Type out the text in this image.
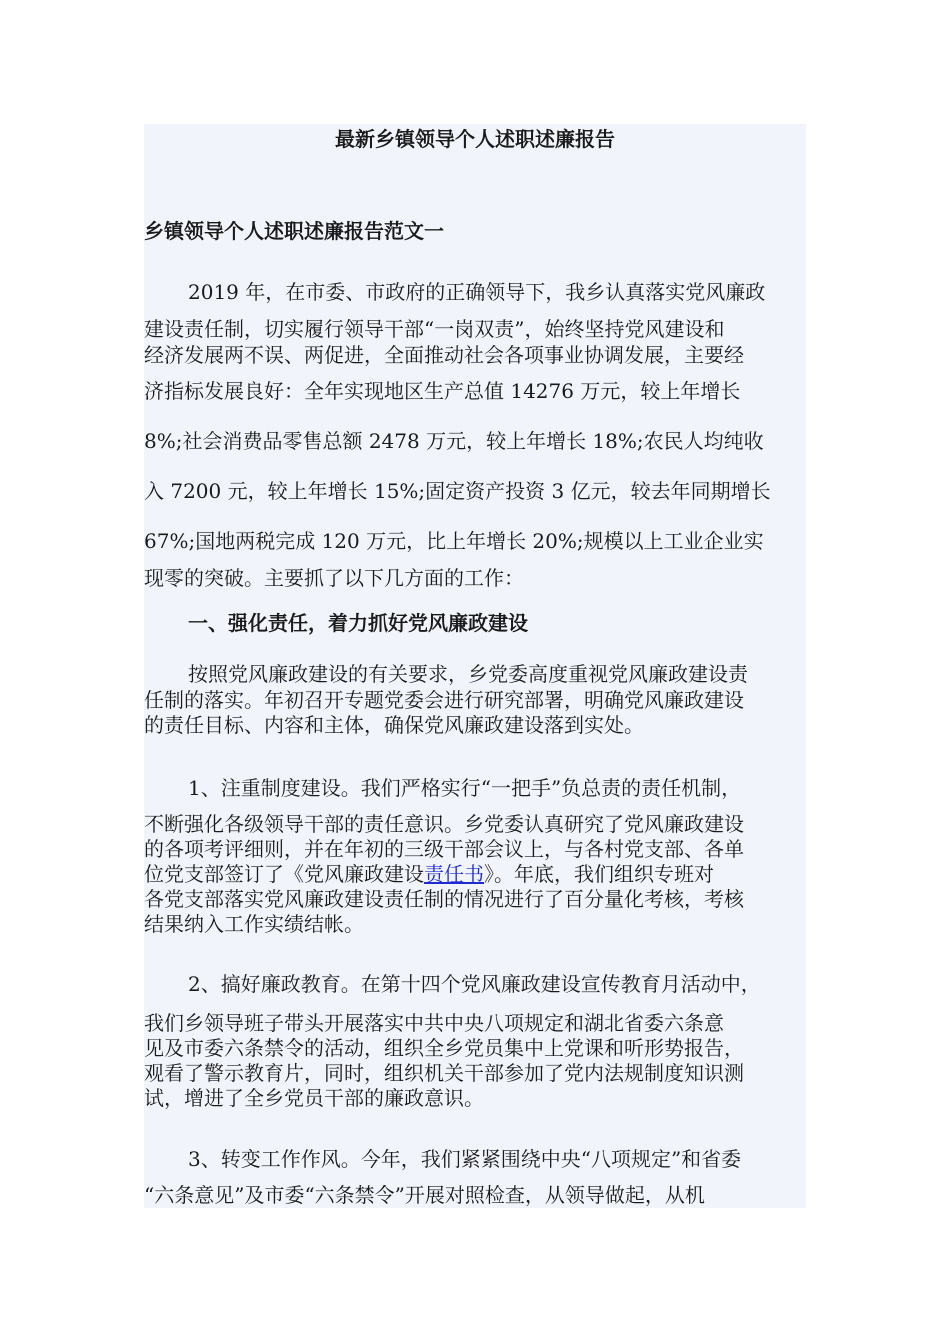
最新乡镇领导个人述职述廉报告
乡镇领导个人述职述廉报告范文一
2019 年，在市委、市政府的正确领导下，我乡认真落实党风廉政
建设责任制，切实履行领导干部“一岗双责”，始终坚持党风建设和
经济发展两不误、两促进，全面推动社会各项事业协调发展，主要经
济指标发展良好：全年实现地区生产总值 14276 万元，较上年增长
8%;社会消费品零售总额 2478 万元，较上年增长 18%;农民人均纯收
入 7200 元，较上年增长 15%;固定资产投资 3 亿元，较去年同期增长
67%;国地两税完成 120 万元，比上年增长 20%;规模以上工业企业实
现零的突破。主要抓了以下几方面的工作：
一、强化责任，着力抓好党风廉政建设
按照党风廉政建设的有关要求，乡党委高度重视党风廉政建设责
任制的落实。年初召开专题党委会进行研究部署，明确党风廉政建设
的责任目标、内容和主体，确保党风廉政建设落到实处。
1、注重制度建设。我们严格实行“一把手”负总责的责任机制，
不断强化各级领导干部的责任意识。乡党委认真研究了党风廉政建设
的各项考评细则，并在年初的三级干部会议上，与各村党支部、各单
位党支部签订了《党风廉政建设责任书》。年底，我们组织专班对
各党支部落实党风廉政建设责任制的情况进行了百分量化考核，考核
结果纳入工作实绩结帐。
2、搞好廉政教育。在第十四个党风廉政建设宣传教育月活动中，
我们乡领导班子带头开展落实中共中央八项规定和湖北省委六条意
见及市委六条禁令的活动，组织全乡党员集中上党课和听形势报告，
观看了警示教育片，同时，组织机关干部参加了党内法规制度知识测
试，增进了全乡党员干部的廉政意识。
3、转变工作作风。今年，我们紧紧围绕中央“八项规定”和省委
“六条意见”及市委“六条禁令”开展对照检查，从领导做起，从机
